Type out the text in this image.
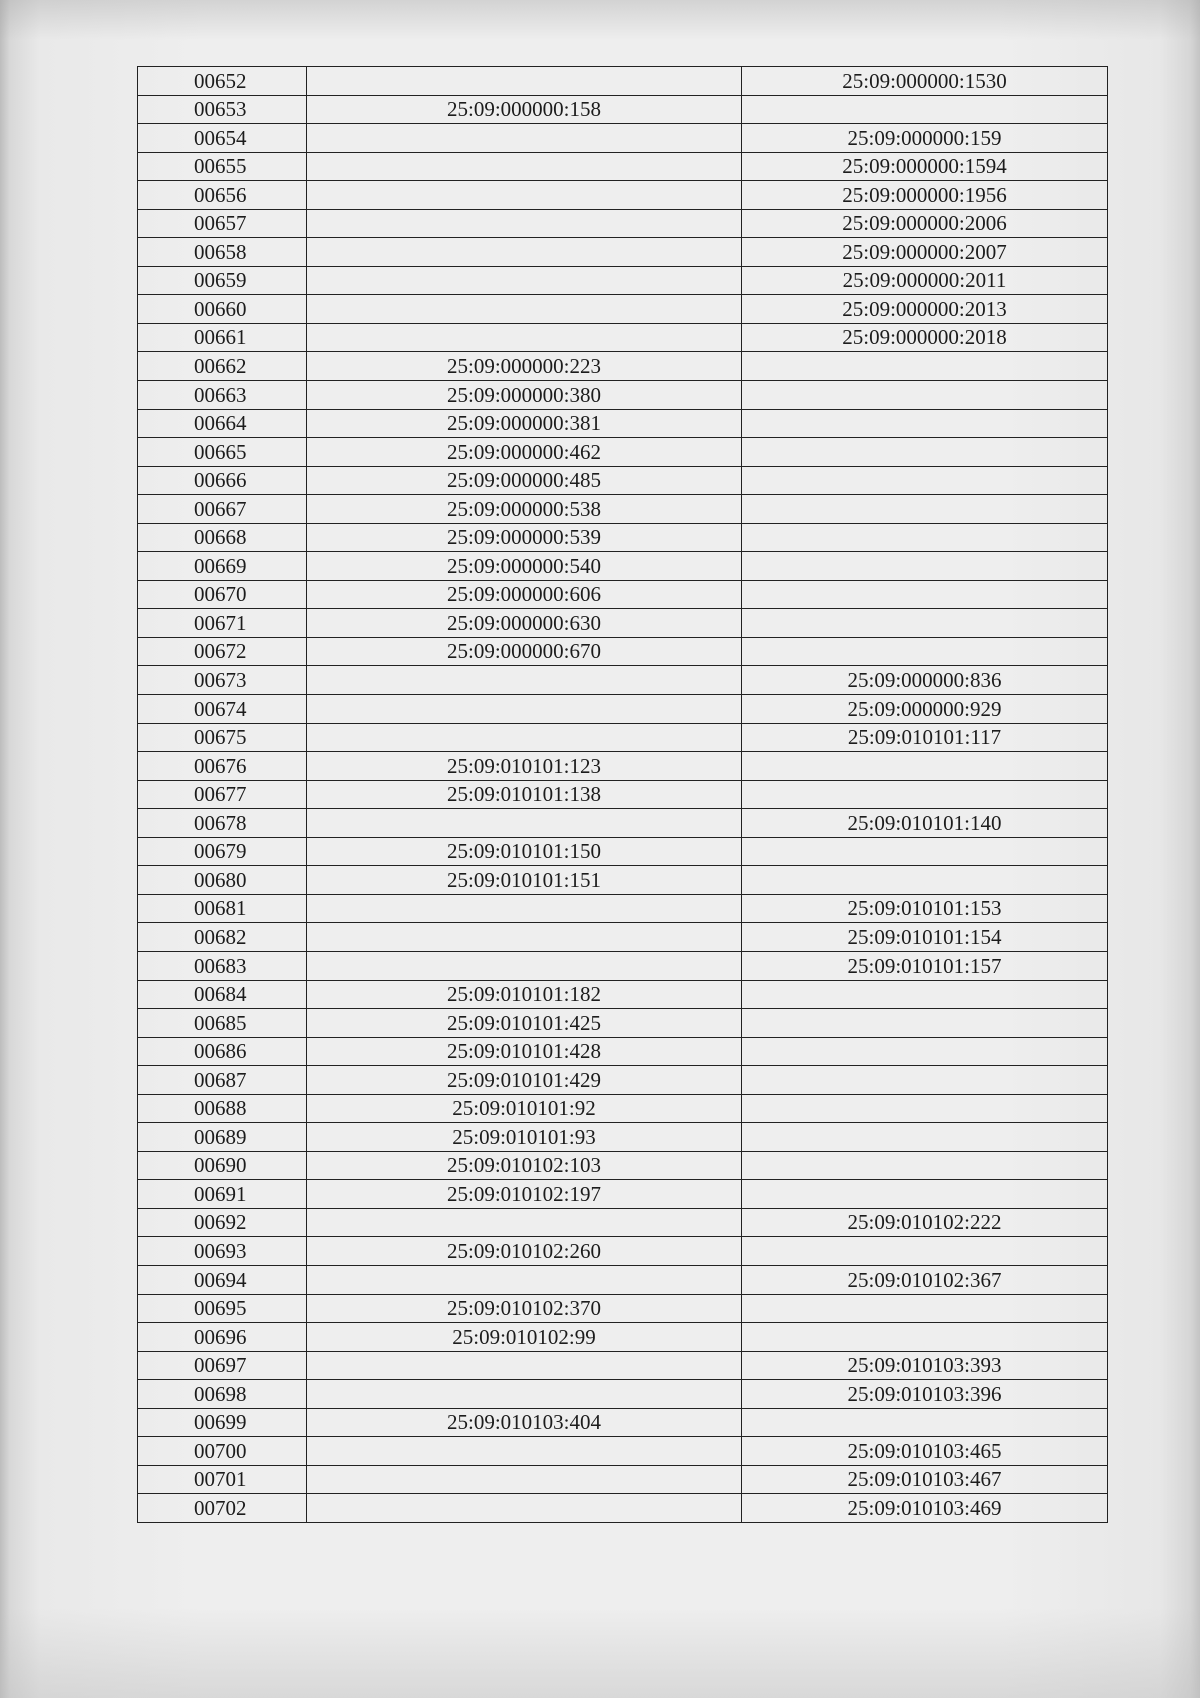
00652		25:09:000000:1530
00653	25:09:000000:158	
00654		25:09:000000:159
00655		25:09:000000:1594
00656		25:09:000000:1956
00657		25:09:000000:2006
00658		25:09:000000:2007
00659		25:09:000000:2011
00660		25:09:000000:2013
00661		25:09:000000:2018
00662	25:09:000000:223	
00663	25:09:000000:380	
00664	25:09:000000:381	
00665	25:09:000000:462	
00666	25:09:000000:485	
00667	25:09:000000:538	
00668	25:09:000000:539	
00669	25:09:000000:540	
00670	25:09:000000:606	
00671	25:09:000000:630	
00672	25:09:000000:670	
00673		25:09:000000:836
00674		25:09:000000:929
00675		25:09:010101:117
00676	25:09:010101:123	
00677	25:09:010101:138	
00678		25:09:010101:140
00679	25:09:010101:150	
00680	25:09:010101:151	
00681		25:09:010101:153
00682		25:09:010101:154
00683		25:09:010101:157
00684	25:09:010101:182	
00685	25:09:010101:425	
00686	25:09:010101:428	
00687	25:09:010101:429	
00688	25:09:010101:92	
00689	25:09:010101:93	
00690	25:09:010102:103	
00691	25:09:010102:197	
00692		25:09:010102:222
00693	25:09:010102:260	
00694		25:09:010102:367
00695	25:09:010102:370	
00696	25:09:010102:99	
00697		25:09:010103:393
00698		25:09:010103:396
00699	25:09:010103:404	
00700		25:09:010103:465
00701		25:09:010103:467
00702		25:09:010103:469
